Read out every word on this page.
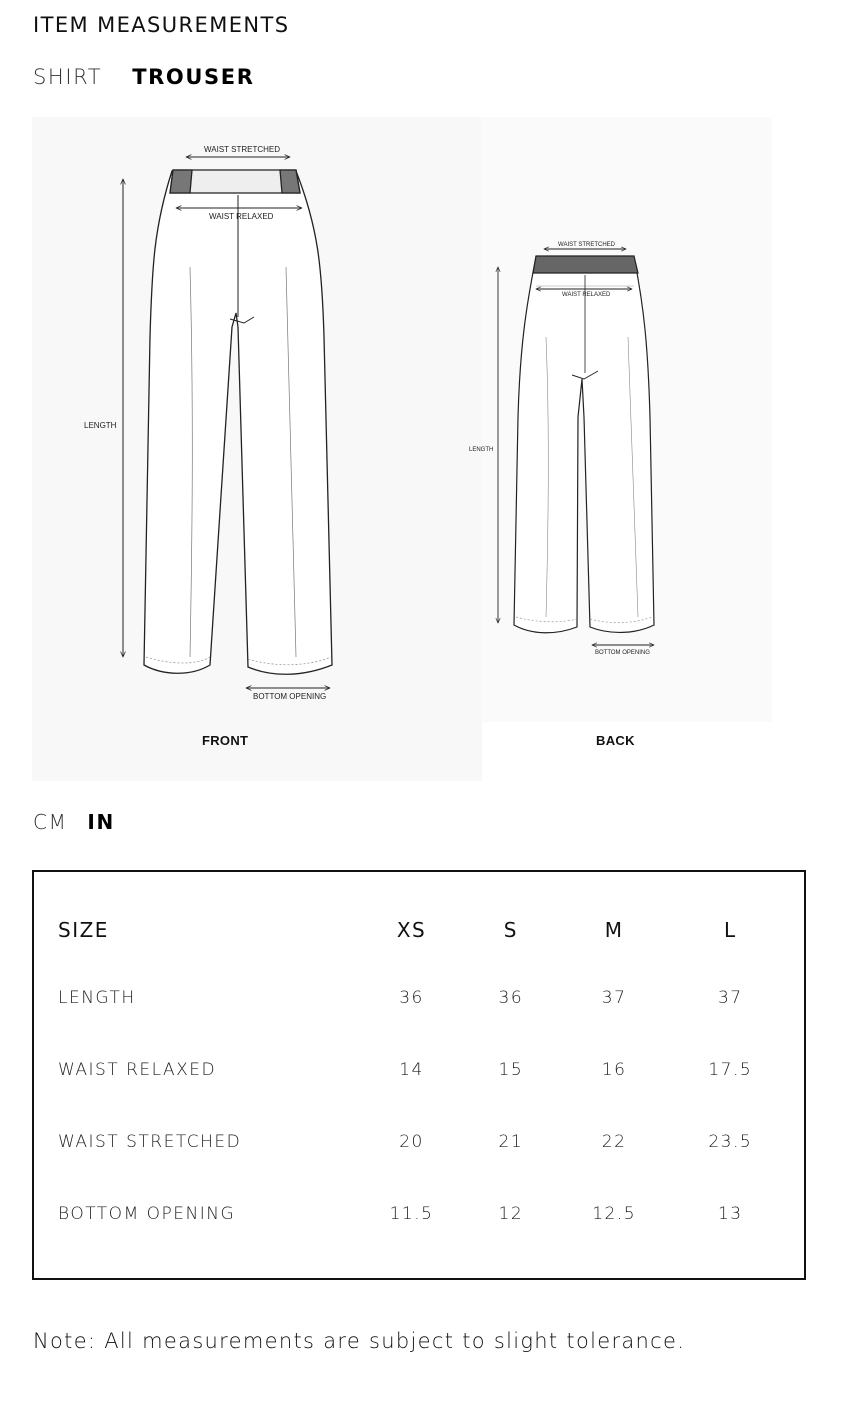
ITEM MEASUREMENTS
SHIRT TROUSER
WAIST STRETCHED
WAIST RELAXED
LENGTH
BOTTOM OPENING
WAIST STRETCHED
WAIST RELAXED
LENGTH
BOTTOM OPENING
FRONT	BACK
CM IN
SIZE	XS	S	M	L
LENGTH	36	36	37	37
WAIST RELAXED	14	15	16	17.5
WAIST STRETCHED	20	21	22	23.5
BOTTOM OPENING	11.5	12	12.5	13
Note: All measurements are subject to slight tolerance.
